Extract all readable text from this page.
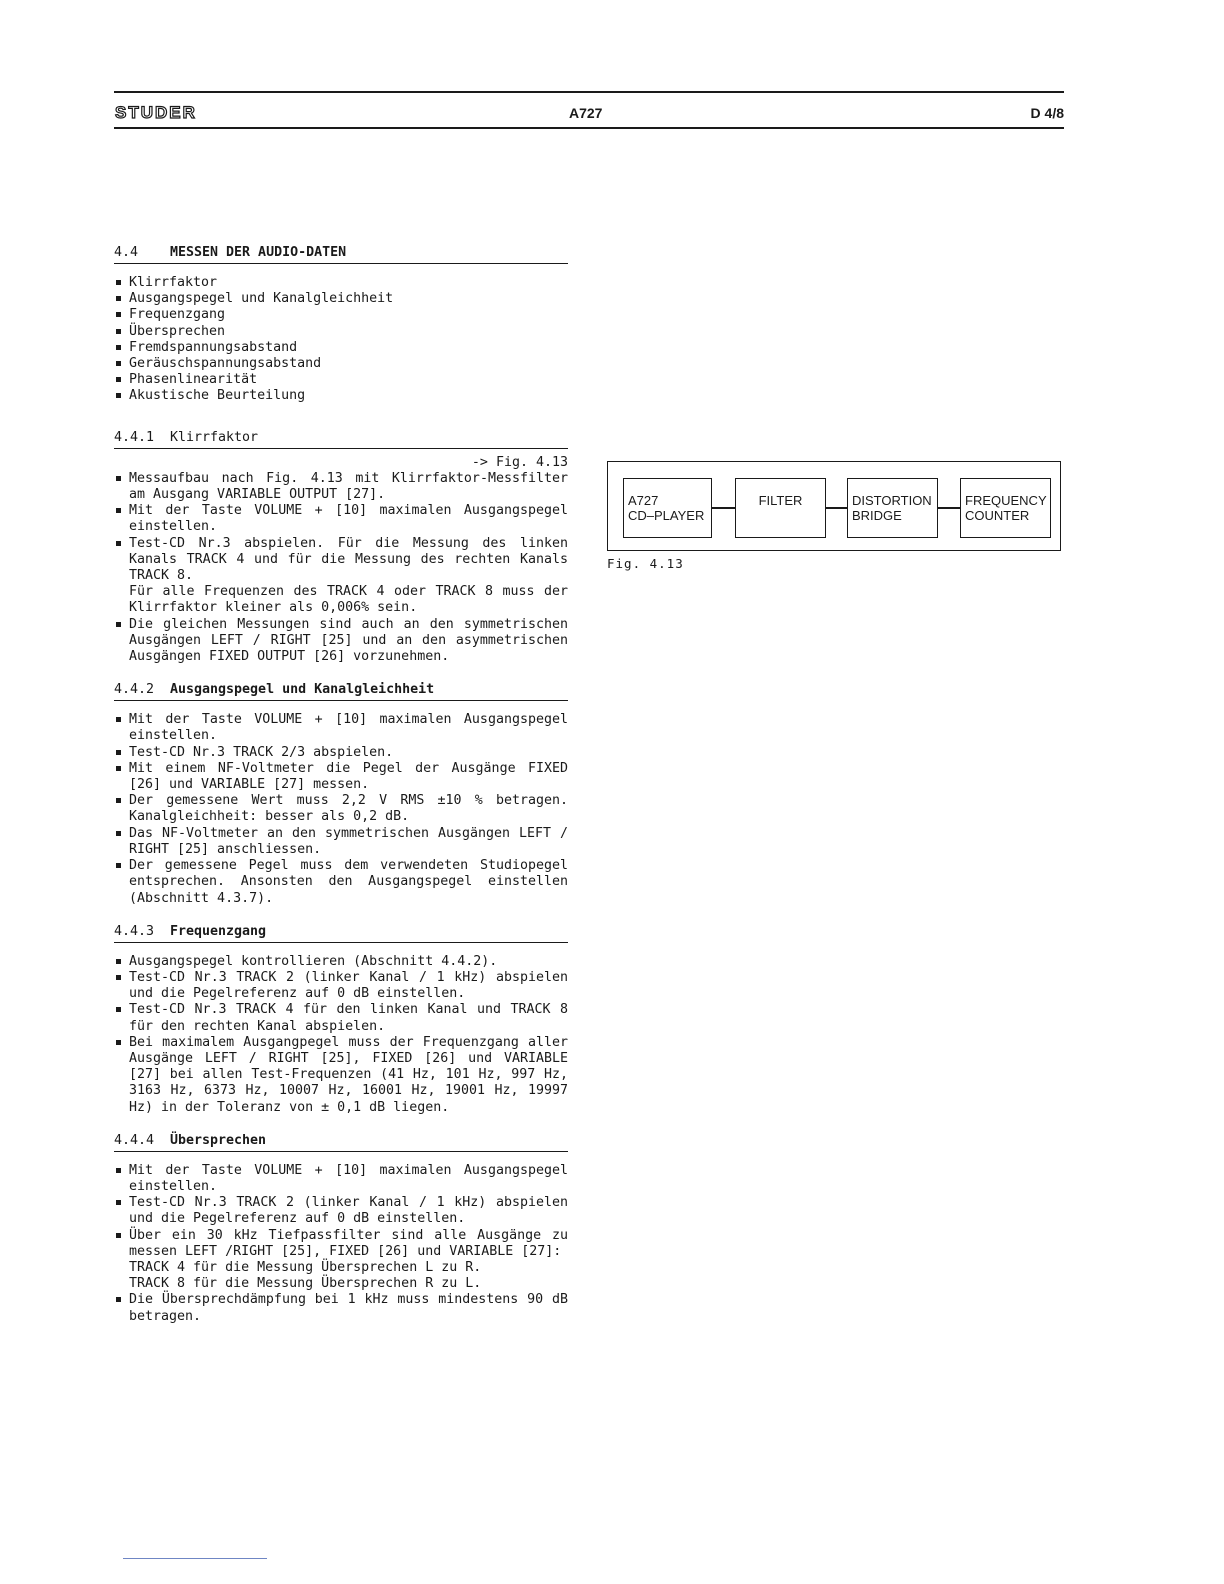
STUDER	A727	D 4/8
4.4	MESSEN DER AUDIO-DATEN
Klirrfaktor
Ausgangspegel und Kanalgleichheit
Frequenzgang
Übersprechen
Fremdspannungsabstand
Geräuschspannungsabstand
Phasenlinearität
Akustische Beurteilung
4.4.1	Klirrfaktor
-> Fig. 4.13
Messaufbau nach Fig. 4.13 mit Klirrfaktor-Messfilter am Ausgang VARIABLE OUTPUT [27].
Mit der Taste VOLUME + [10] maximalen Ausgangspegel einstellen.
Test-CD Nr.3 abspielen. Für die Messung des linken Kanals TRACK 4 und für die Messung des rechten Kanals TRACK 8.
Für alle Frequenzen des TRACK 4 oder TRACK 8 muss der Klirrfaktor kleiner als 0,006% sein.
Die gleichen Messungen sind auch an den symmetrischen Ausgängen LEFT / RIGHT [25] und an den asymmetrischen Ausgängen FIXED OUTPUT [26] vorzunehmen.
4.4.2	Ausgangspegel und Kanalgleichheit
Mit der Taste VOLUME + [10] maximalen Ausgangspegel einstellen.
Test-CD Nr.3 TRACK 2/3 abspielen.
Mit einem NF-Voltmeter die Pegel der Ausgänge FIXED [26] und VARIABLE [27] messen.
Der gemessene Wert muss 2,2 V RMS ±10 % betragen. Kanalgleichheit: besser als 0,2 dB.
Das NF-Voltmeter an den symmetrischen Ausgängen LEFT / RIGHT [25] anschliessen.
Der gemessene Pegel muss dem verwendeten Studiopegel entsprechen. Ansonsten den Ausgangspegel einstellen (Abschnitt 4.3.7).
4.4.3	Frequenzgang
Ausgangspegel kontrollieren (Abschnitt 4.4.2).
Test-CD Nr.3 TRACK 2 (linker Kanal / 1 kHz) abspielen und die Pegelreferenz auf 0 dB einstellen.
Test-CD Nr.3 TRACK 4 für den linken Kanal und TRACK 8 für den rechten Kanal abspielen.
Bei maximalem Ausgangpegel muss der Frequenzgang aller Ausgänge LEFT / RIGHT [25], FIXED [26] und VARIABLE [27] bei allen Test-Frequenzen (41 Hz, 101 Hz, 997 Hz, 3163 Hz, 6373 Hz, 10007 Hz, 16001 Hz, 19001 Hz, 19997 Hz) in der Toleranz von ± 0,1 dB liegen.
4.4.4	Übersprechen
Mit der Taste VOLUME + [10] maximalen Ausgangspegel einstellen.
Test-CD Nr.3 TRACK 2 (linker Kanal / 1 kHz) abspielen und die Pegelreferenz auf 0 dB einstellen.
Über ein 30 kHz Tiefpassfilter sind alle Ausgänge zu messen LEFT /RIGHT [25], FIXED [26] und VARIABLE [27]:
TRACK 4 für die Messung Übersprechen L zu R.
TRACK 8 für die Messung Übersprechen R zu L.
Die Übersprechdämpfung bei 1 kHz muss mindestens 90 dB betragen.
A727
CD–PLAYER
FILTER	DISTORTION
BRIDGE
FREQUENCY
COUNTER
Fig. 4.13
